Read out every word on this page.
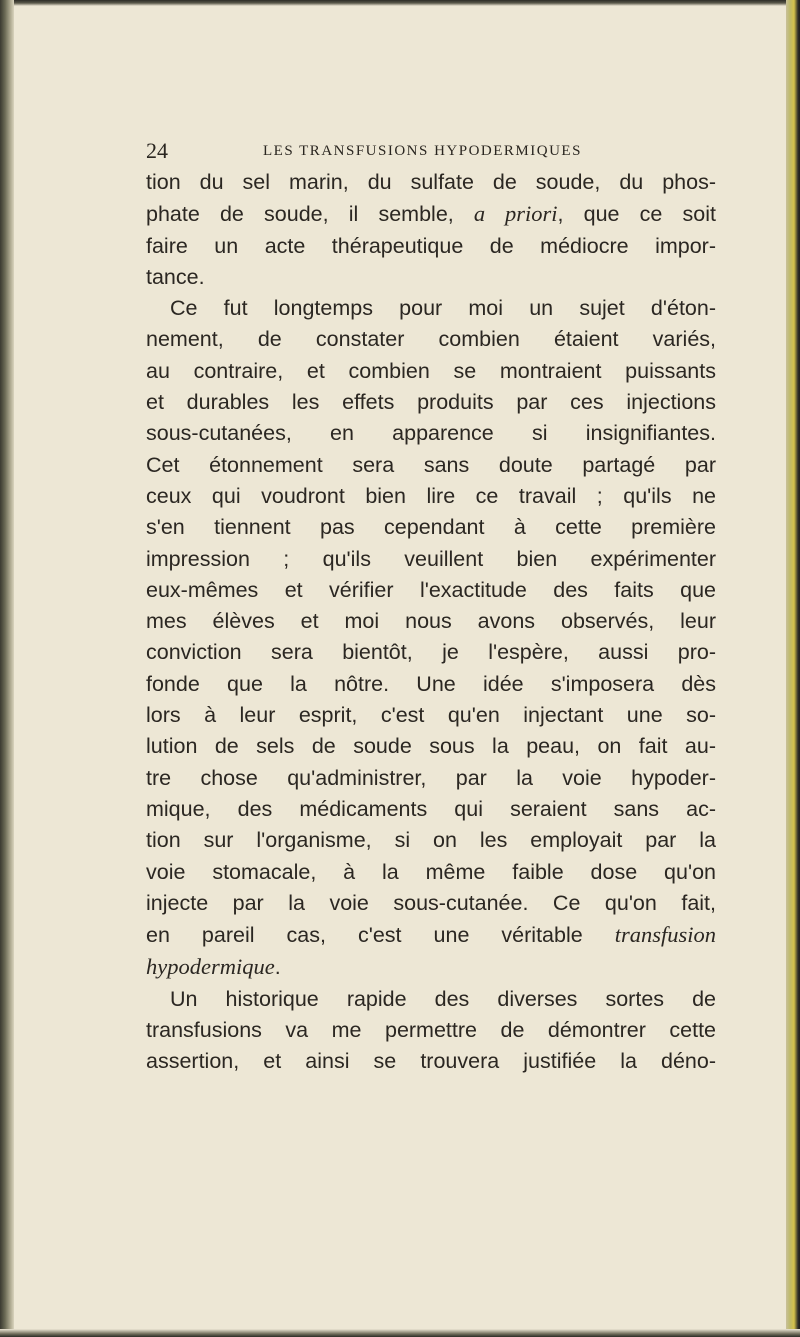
24	LES TRANSFUSIONS HYPODERMIQUES
tion du sel marin, du sulfate de soude, du phos-
phate de soude, il semble, a priori, que ce soit
faire un acte thérapeutique de médiocre impor-
tance.
Ce fut longtemps pour moi un sujet d'éton-
nement, de constater combien étaient variés,
au contraire, et combien se montraient puissants
et durables les effets produits par ces injections
sous-cutanées, en apparence si insignifiantes.
Cet étonnement sera sans doute partagé par
ceux qui voudront bien lire ce travail ; qu'ils ne
s'en tiennent pas cependant à cette première
impression ; qu'ils veuillent bien expérimenter
eux-mêmes et vérifier l'exactitude des faits que
mes élèves et moi nous avons observés, leur
conviction sera bientôt, je l'espère, aussi pro-
fonde que la nôtre. Une idée s'imposera dès
lors à leur esprit, c'est qu'en injectant une so-
lution de sels de soude sous la peau, on fait au-
tre chose qu'administrer, par la voie hypoder-
mique, des médicaments qui seraient sans ac-
tion sur l'organisme, si on les employait par la
voie stomacale, à la même faible dose qu'on
injecte par la voie sous-cutanée. Ce qu'on fait,
en pareil cas, c'est une véritable transfusion
hypodermique.
Un historique rapide des diverses sortes de
transfusions va me permettre de démontrer cette
assertion, et ainsi se trouvera justifiée la déno-
